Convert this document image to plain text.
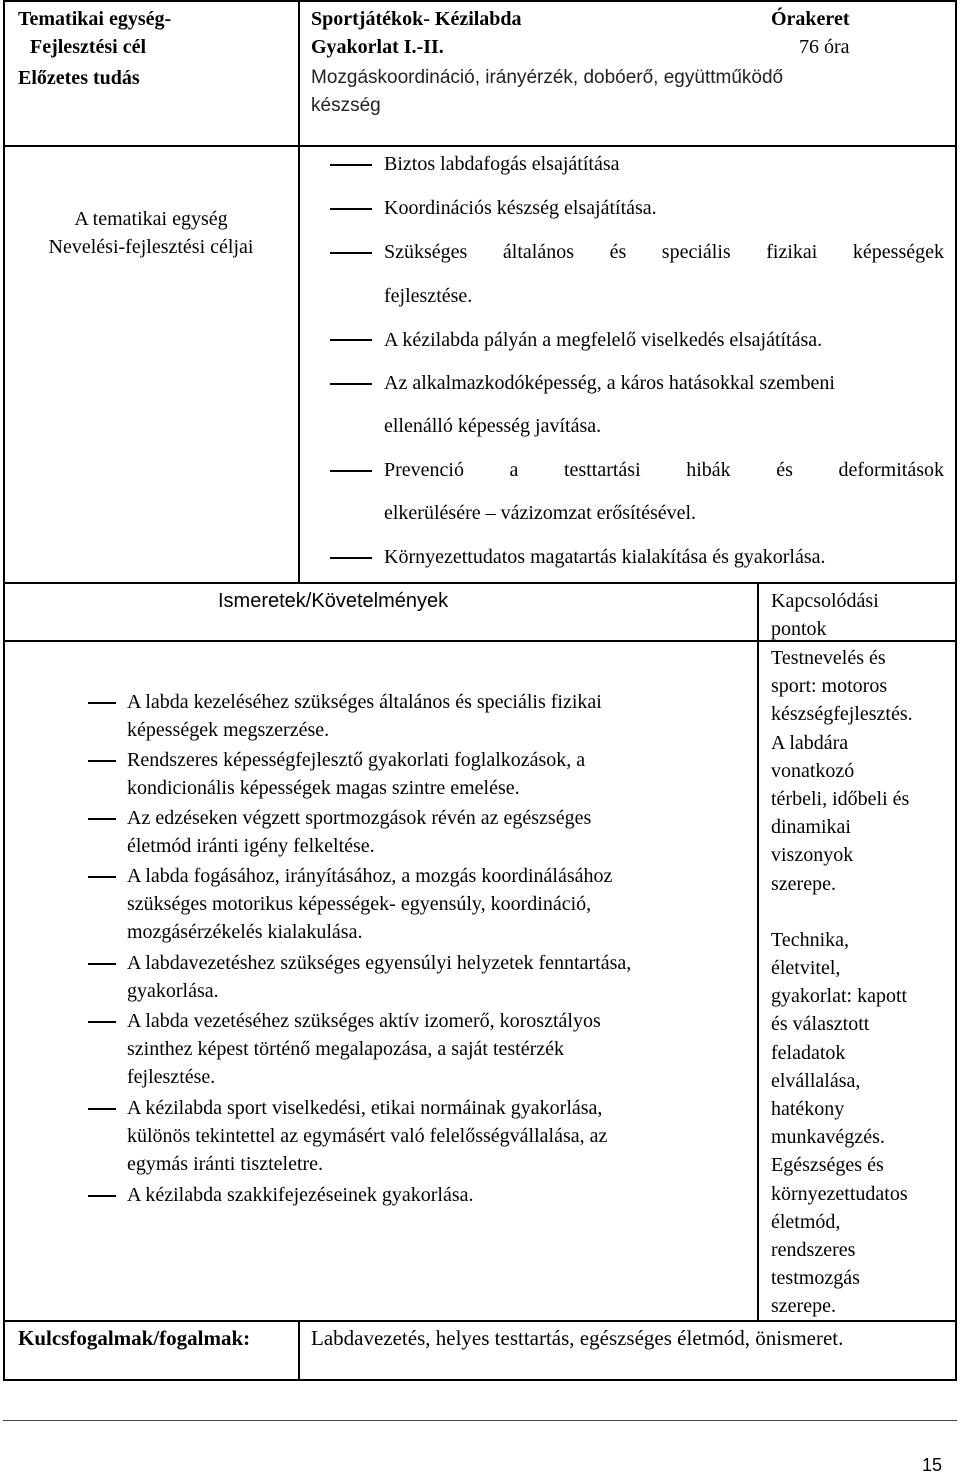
Tematikai egység-
Fejlesztési cél
Előzetes tudás
Sportjátékok- Kézilabda
Gyakorlat I.-II.
Órakeret
76 óra
Mozgáskoordináció, irányérzék, dobóerő, együttműködő
készség
A tematikai egység
Nevelési-fejlesztési céljai
Biztos labdafogás elsajátítása
Koordinációs készség elsajátítása.
Szükséges általános és speciális fizikai képességek
fejlesztése.
A kézilabda pályán a megfelelő viselkedés elsajátítása.
Az alkalmazkodóképesség, a káros hatásokkal szembeni
ellenálló képesség javítása.
Prevenció a testtartási hibák és deformitások
elkerülésére – vázizomzat erősítésével.
Környezettudatos magatartás kialakítása és gyakorlása.
Ismeretek/Követelmények	Kapcsolódási
pontok
A labda kezeléséhez szükséges általános és speciális fizikai
képességek megszerzése.
Rendszeres képességfejlesztő gyakorlati foglalkozások, a
kondicionális képességek magas szintre emelése.
Az edzéseken végzett sportmozgások révén az egészséges
életmód iránti igény felkeltése.
A labda fogásához, irányításához, a mozgás koordinálásához
szükséges motorikus képességek- egyensúly, koordináció,
mozgásérzékelés kialakulása.
A labdavezetéshez szükséges egyensúlyi helyzetek fenntartása,
gyakorlása.
A labda vezetéséhez szükséges aktív izomerő, korosztályos
szinthez képest történő megalapozása, a saját testérzék
fejlesztése.
A kézilabda sport viselkedési, etikai normáinak gyakorlása,
különös tekintettel az egymásért való felelősségvállalása, az
egymás iránti tiszteletre.
A kézilabda szakkifejezéseinek gyakorlása.
Testnevelés és
sport: motoros
készségfejlesztés.
A labdára
vonatkozó
térbeli, időbeli és
dinamikai
viszonyok
szerepe.
Technika,
életvitel,
gyakorlat: kapott
és választott
feladatok
elvállalása,
hatékony
munkavégzés.
Egészséges és
környezettudatos
életmód,
rendszeres
testmozgás
szerepe.
Kulcsfogalmak/fogalmak:	Labdavezetés, helyes testtartás, egészséges életmód, önismeret.
15
